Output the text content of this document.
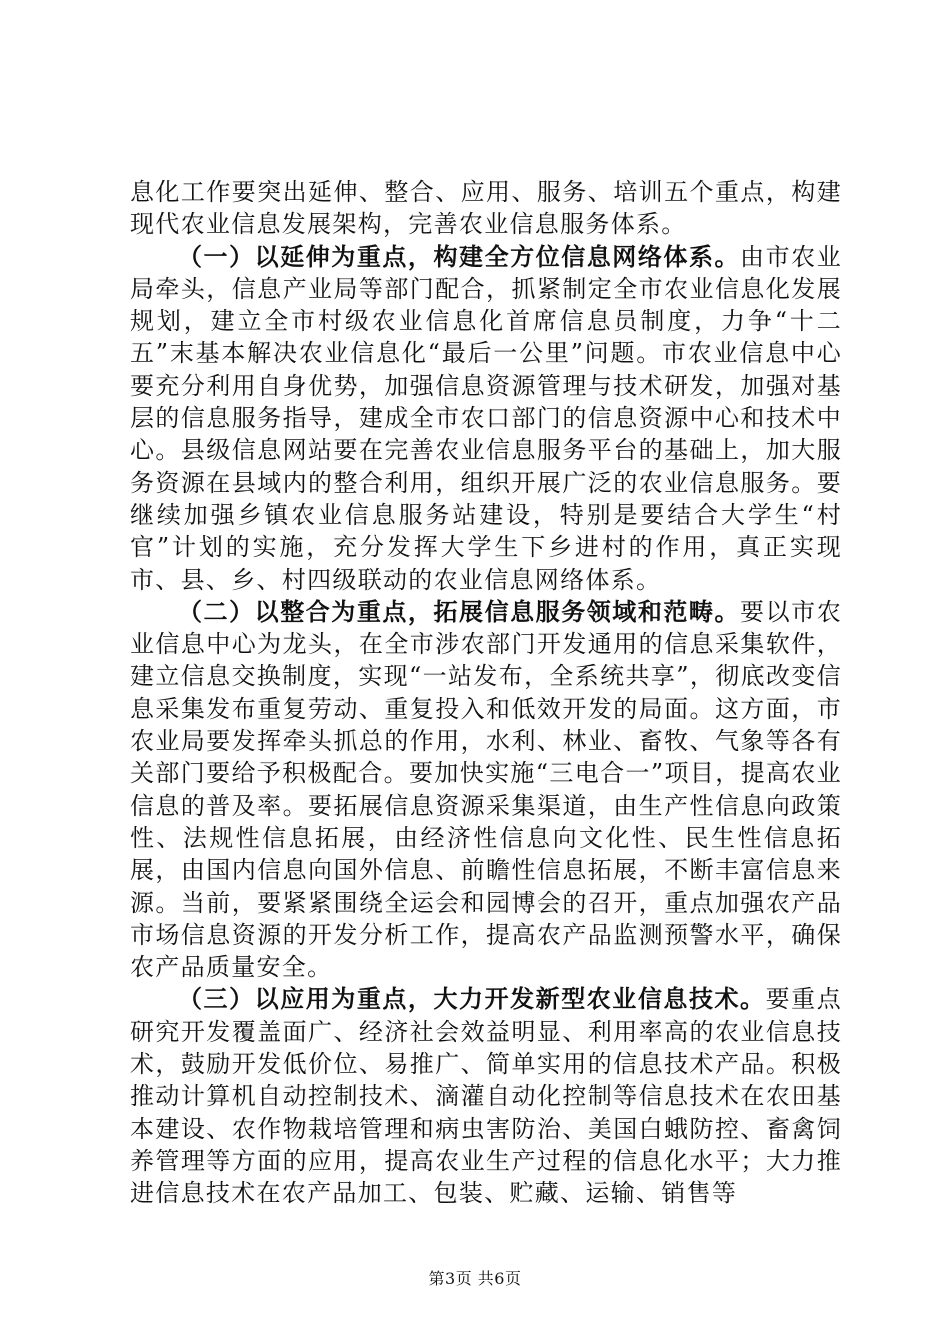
息化工作要突出延伸、整合、应用、服务、培训五个重点，构建现代农业信息发展架构，完善农业信息服务体系。

（一）以延伸为重点，构建全方位信息网络体系。由市农业局牵头，信息产业局等部门配合，抓紧制定全市农业信息化发展规划，建立全市村级农业信息化首席信息员制度，力争“十二五”末基本解决农业信息化“最后一公里”问题。市农业信息中心要充分利用自身优势，加强信息资源管理与技术研发，加强对基层的信息服务指导，建成全市农口部门的信息资源中心和技术中心。县级信息网站要在完善农业信息服务平台的基础上，加大服务资源在县域内的整合利用，组织开展广泛的农业信息服务。要继续加强乡镇农业信息服务站建设，特别是要结合大学生“村官”计划的实施，充分发挥大学生下乡进村的作用，真正实现市、县、乡、村四级联动的农业信息网络体系。

（二）以整合为重点，拓展信息服务领域和范畴。要以市农业信息中心为龙头，在全市涉农部门开发通用的信息采集软件，建立信息交换制度，实现“一站发布，全系统共享”，彻底改变信息采集发布重复劳动、重复投入和低效开发的局面。这方面，市农业局要发挥牵头抓总的作用，水利、林业、畜牧、气象等各有关部门要给予积极配合。要加快实施“三电合一”项目，提高农业信息的普及率。要拓展信息资源采集渠道，由生产性信息向政策性、法规性信息拓展，由经济性信息向文化性、民生性信息拓展，由国内信息向国外信息、前瞻性信息拓展，不断丰富信息来源。当前，要紧紧围绕全运会和园博会的召开，重点加强农产品市场信息资源的开发分析工作，提高农产品监测预警水平，确保农产品质量安全。

（三）以应用为重点，大力开发新型农业信息技术。要重点研究开发覆盖面广、经济社会效益明显、利用率高的农业信息技术，鼓励开发低价位、易推广、简单实用的信息技术产品。积极推动计算机自动控制技术、滴灌自动化控制等信息技术在农田基本建设、农作物栽培管理和病虫害防治、美国白蛾防控、畜禽饲养管理等方面的应用，提高农业生产过程的信息化水平；大力推进信息技术在农产品加工、包装、贮藏、运输、销售等

第3页 共6页
